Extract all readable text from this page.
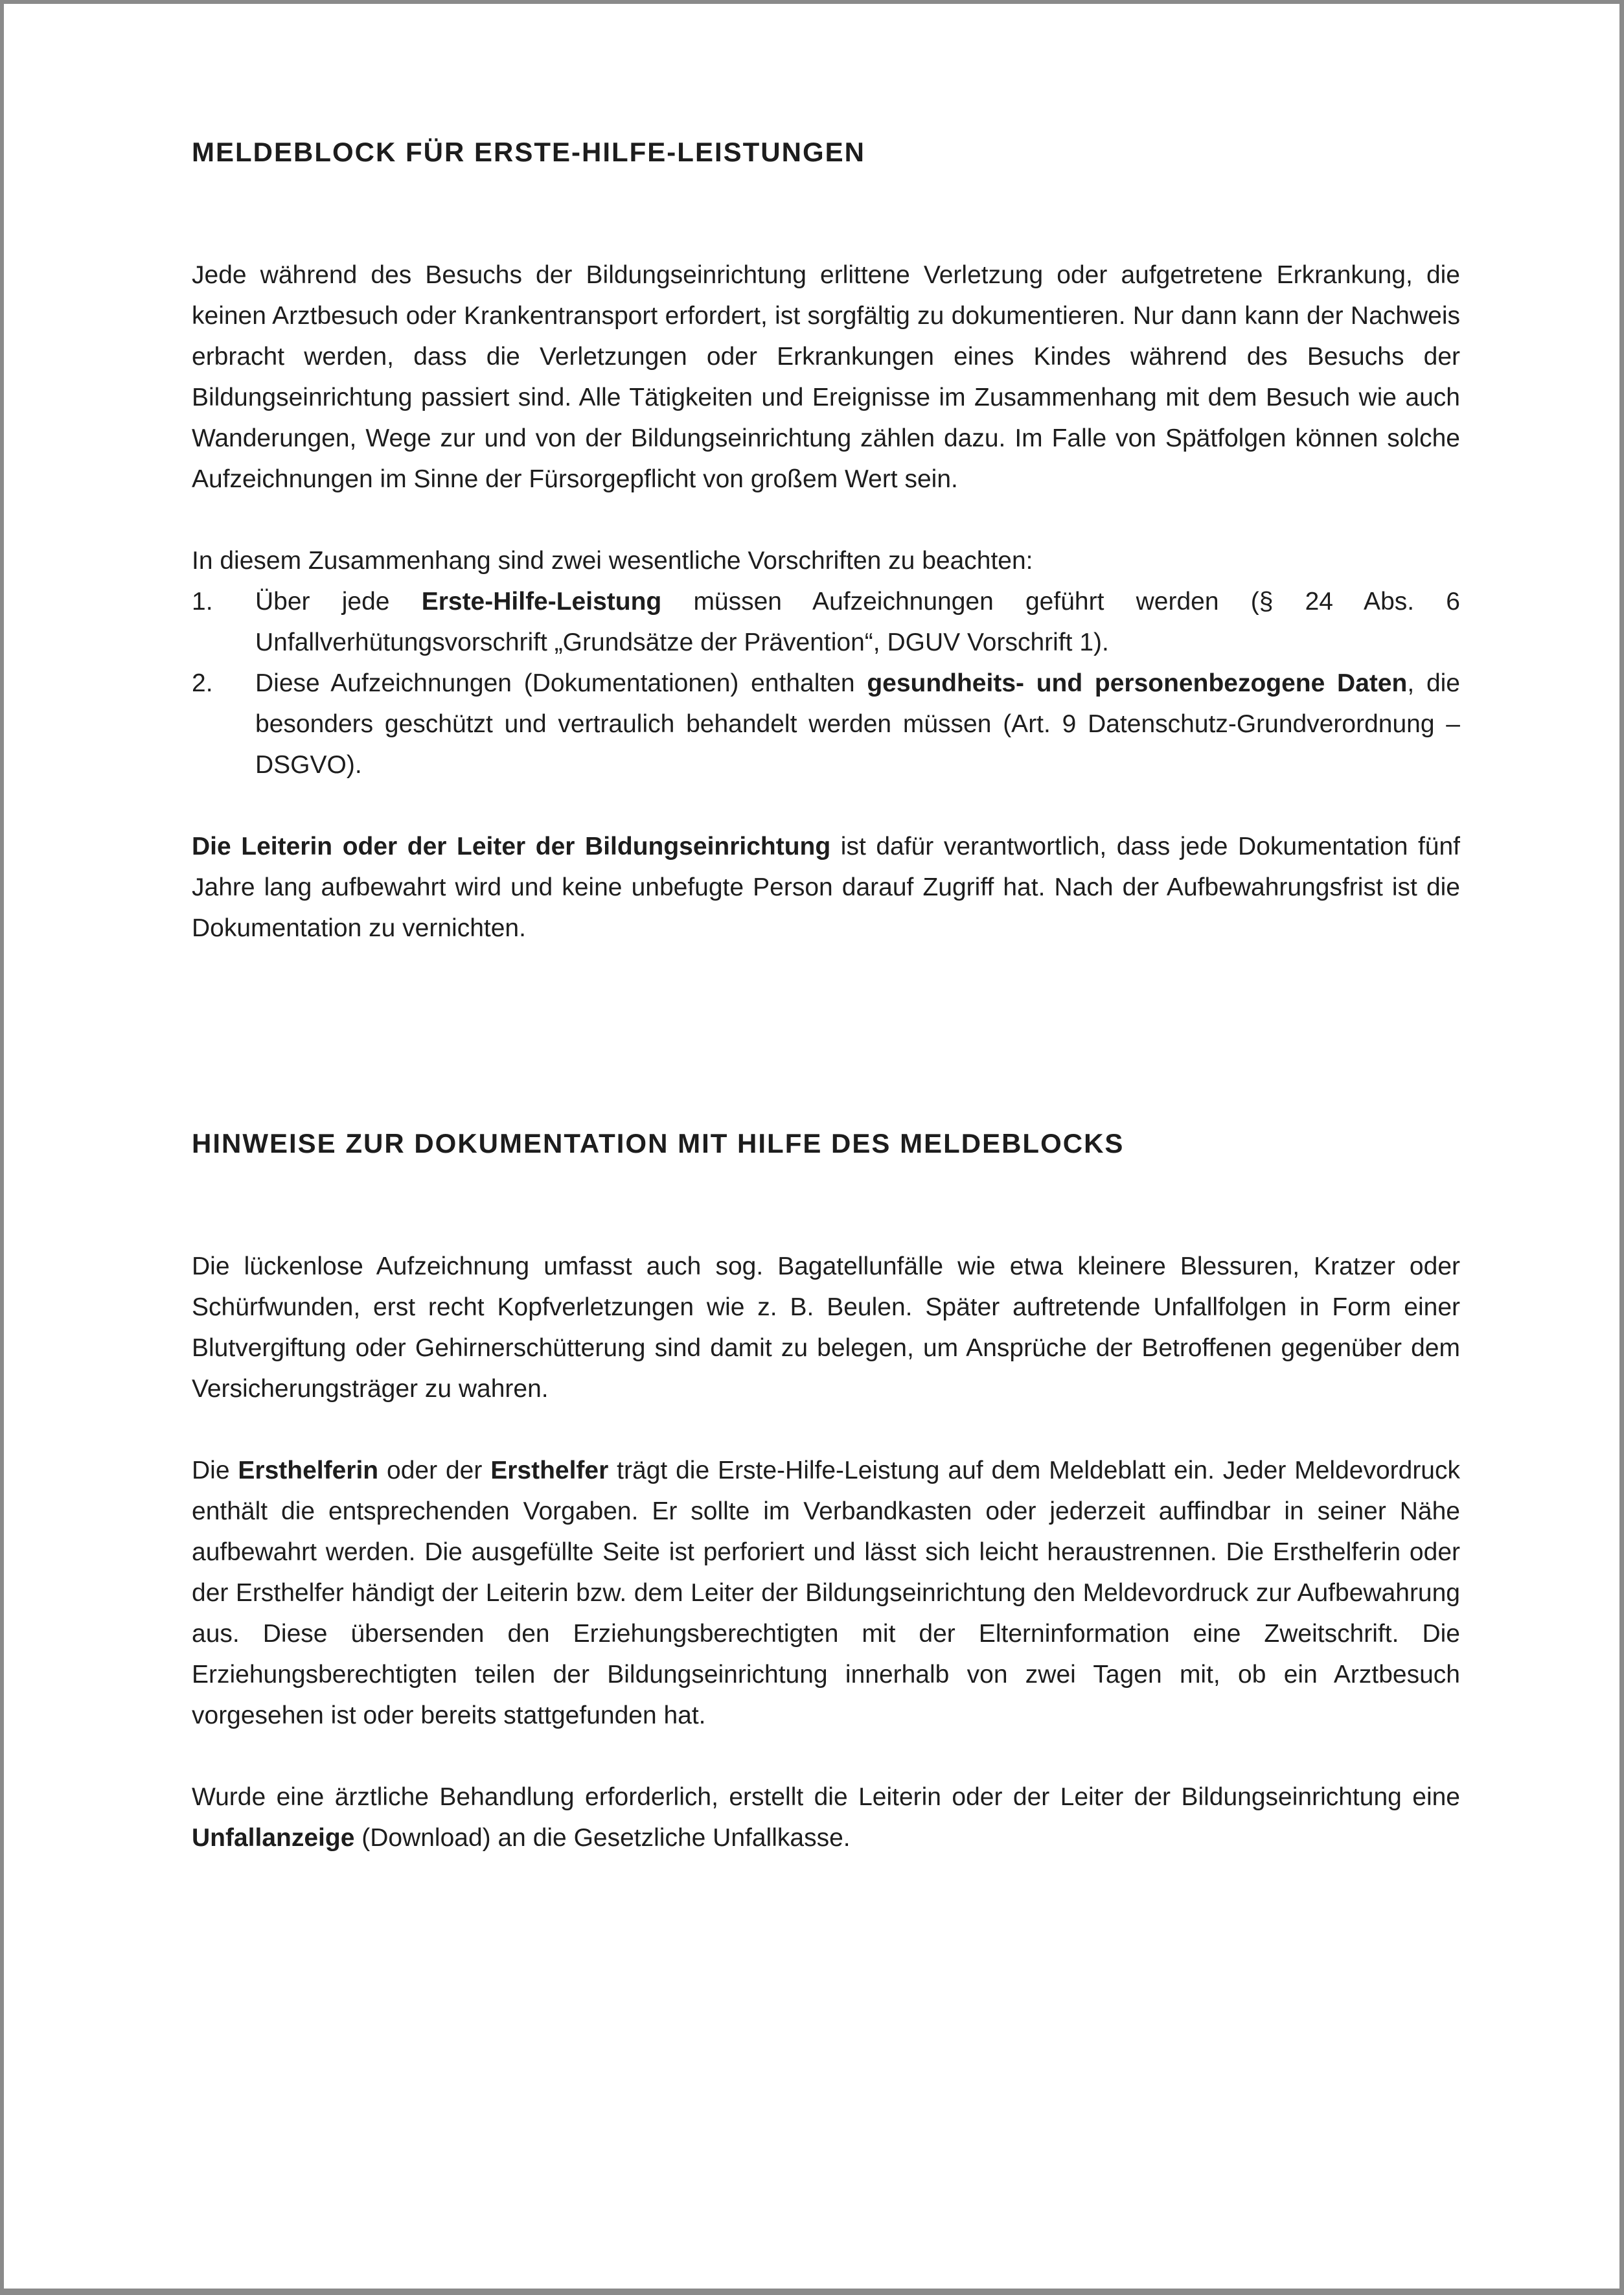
MELDEBLOCK FÜR ERSTE-HILFE-LEISTUNGEN

Jede während des Besuchs der Bildungseinrichtung erlittene Verletzung oder aufgetretene Erkrankung, die keinen Arztbesuch oder Krankentransport erfordert, ist sorgfältig zu dokumentieren. Nur dann kann der Nachweis erbracht werden, dass die Verletzungen oder Erkrankungen eines Kindes während des Besuchs der Bildungseinrichtung passiert sind. Alle Tätigkeiten und Ereignisse im Zusammenhang mit dem Besuch wie auch Wanderungen, Wege zur und von der Bildungseinrichtung zählen dazu. Im Falle von Spätfolgen können solche Aufzeichnungen im Sinne der Fürsorgepflicht von großem Wert sein.

In diesem Zusammenhang sind zwei wesentliche Vorschriften zu beachten:

1. Über jede Erste-Hilfe-Leistung müssen Aufzeichnungen geführt werden (§ 24 Abs. 6 Unfallverhütungsvorschrift „Grundsätze der Prävention“, DGUV Vorschrift 1).
2. Diese Aufzeichnungen (Dokumentationen) enthalten gesundheits- und personenbezogene Daten, die besonders geschützt und vertraulich behandelt werden müssen (Art. 9 Datenschutz-Grundverordnung – DSGVO).

Die Leiterin oder der Leiter der Bildungseinrichtung ist dafür verantwortlich, dass jede Dokumentation fünf Jahre lang aufbewahrt wird und keine unbefugte Person darauf Zugriff hat. Nach der Aufbewahrungsfrist ist die Dokumentation zu vernichten.

HINWEISE ZUR DOKUMENTATION MIT HILFE DES MELDEBLOCKS

Die lückenlose Aufzeichnung umfasst auch sog. Bagatellunfälle wie etwa kleinere Blessuren, Kratzer oder Schürfwunden, erst recht Kopfverletzungen wie z. B. Beulen. Später auftretende Unfallfolgen in Form einer Blutvergiftung oder Gehirnerschütterung sind damit zu belegen, um Ansprüche der Betroffenen gegenüber dem Versicherungsträger zu wahren.

Die Ersthelferin oder der Ersthelfer trägt die Erste-Hilfe-Leistung auf dem Meldeblatt ein. Jeder Meldevordruck enthält die entsprechenden Vorgaben. Er sollte im Verbandkasten oder jederzeit auffindbar in seiner Nähe aufbewahrt werden. Die ausgefüllte Seite ist perforiert und lässt sich leicht heraustrennen. Die Ersthelferin oder der Ersthelfer händigt der Leiterin bzw. dem Leiter der Bildungseinrichtung den Meldevordruck zur Aufbewahrung aus. Diese übersenden den Erziehungsberechtigten mit der Elterninformation eine Zweitschrift. Die Erziehungsberechtigten teilen der Bildungseinrichtung innerhalb von zwei Tagen mit, ob ein Arztbesuch vorgesehen ist oder bereits stattgefunden hat.

Wurde eine ärztliche Behandlung erforderlich, erstellt die Leiterin oder der Leiter der Bildungseinrichtung eine Unfallanzeige (Download) an die Gesetzliche Unfallkasse.
